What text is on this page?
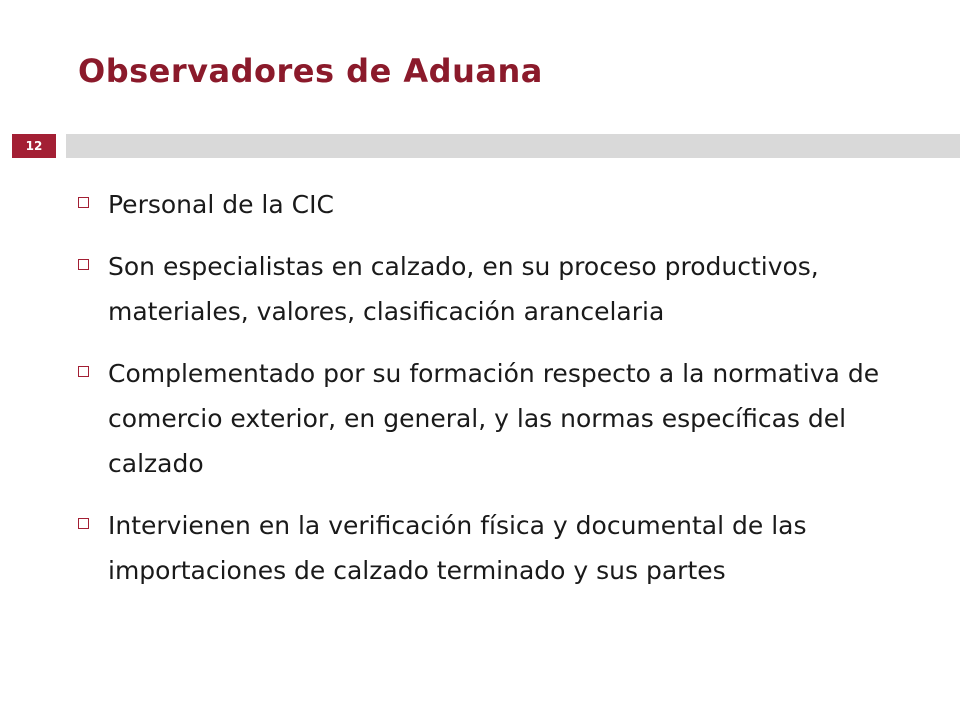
Observadores de Aduana
12
Personal de la CIC
Son especialistas en calzado, en su proceso productivos, materiales, valores, clasificación arancelaria
Complementado por su formación respecto a la normativa de comercio exterior, en general, y las normas específicas del calzado
Intervienen en la verificación física y documental de las importaciones de calzado terminado y sus partes
